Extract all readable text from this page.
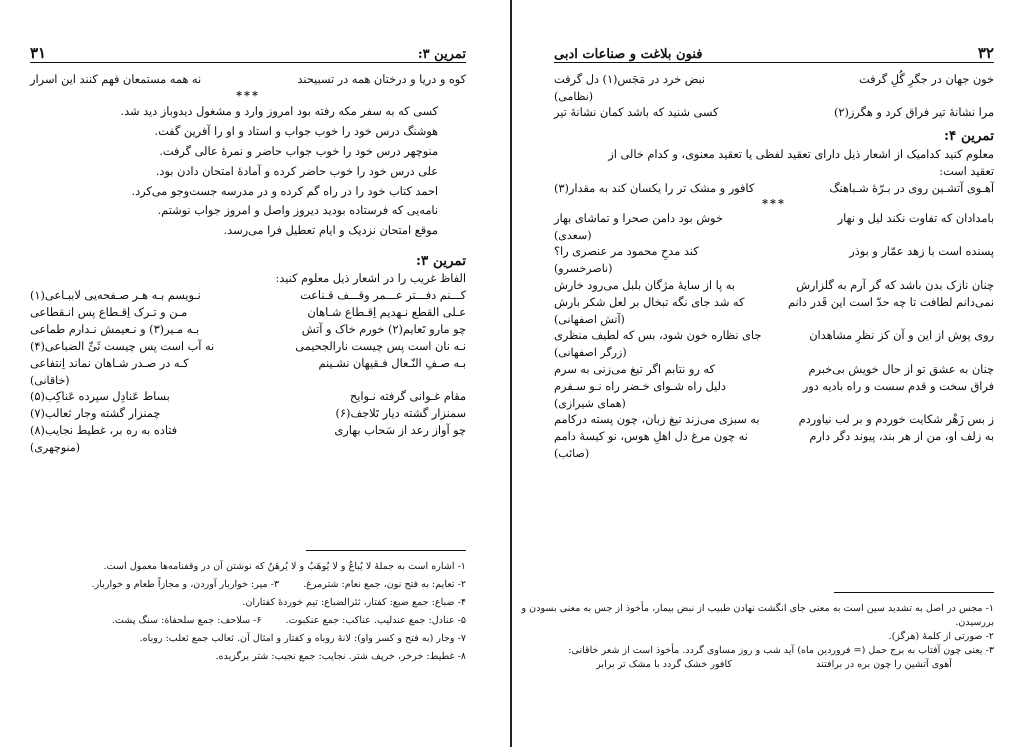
۳۲
فنون بلاغت و صناعات ادبی
خون جهان در جگرِ گُلِ گرفت
نبض خرد در مَجَس(۱) دل گرفت
(نظامی)
مرا نشانهٔ تیر فراق کرد و هگرز(۲)
کسی شنید که باشد کمان نشانهٔ تیر
تمرین ۴:
معلوم کنید کدامیک از اشعار ذیل دارای تعقید لفظی یا تعقید معنوی، و کدام خالی از
تعقید است:
آهـوی آتشـین روی در بـرّهٔ شـباهنگ
کافور و مشک تر را یکسان کند به مقدار(۳)
***
بامدادان که تفاوت نکند لیل و نهار
خوش بود دامن صحرا و تماشای بهار
(سعدی)
پسنده است با زهد عمّار و بوذر
کند مدحِ محمود مر عنصری را؟
(ناصرخسرو)
چنان نازک بدن باشد که گر آرم به گلزارش
به پا از سایهٔ مژگان بلبل می‌رود خارش
نمی‌دانم لطافت تا چه حدّ است این قَدر دانم
که شد جای نگه تبخال بر لعل شکر بارش
(آتش اصفهانی)
روی پوش از این و آن کز نظرِ مشاهدان
جای نظاره خون شود، بس که لطیف منظری
(زرگر اصفهانی)
چنان به عشق تو از حال خویش بی‌خبرم
که رو نتابم اگر تیغ می‌زنی به سرم
فراق سخت و قدم سست و راه بادیه دور
دلیل راه شـوای خـضر راه نـو سـفرم
(همای شیرازی)
ز بس زَهْر شکایت خوردم و بر لب نیاوردم
به سبزی می‌زند تیغ زبان، چون پسته درکامم
به زلف او، من از هر بند، پیوند دگر دارم
نه چون مرغ دل اهلِ هوس، نو کیسهٔ دامم
(صائب)
۱- مجس در اصل به تشدید سین است به معنی جای انگشت نهادن طبیب از نبض بیمار، مأخوذ از جس به معنی بسودن و
بررسیدن.
۲- صورتی از کلمهٔ (هرگز).
۳- یعنی چون آفتاب به برج حمل (= فروردین ماه) آید شب و روز مساوی گردد. مأخوذ است از شعر خاقانی:
آهوی آتشین را چون بره در برافتند
کافور خشک گردد با مشک تر برابر
تمرین ۳:
۳۱
کوه و دریا و درختان همه در تسبیحند
نه همه مستمعان فهم کنند این اسرار
***
کسی که به سفر مکه رفته بود امروز وارد و مشغول دیدوباز دید شد.
هوشنگ درس خود را خوب جواب و استاد و او را آفرین گفت.
منوچهر درس خود را خوب جواب حاضر و نمرهٔ عالی گرفت.
علی درس خود را خوب حاضر کرده و آمادهٔ امتحان دادن بود.
احمد کتاب خود را در راه گم کرده و در مدرسه جست‌وجو می‌کرد.
نامه‌یی که فرستاده بودید دیروز واصل و امروز جواب نوشتم.
موقع امتحان نزدیک و ایام تعطیل فرا می‌رسد.
تمرین ۳:
الفاظ غریب را در اشعار ذیل معلوم کنید:
کـــنم دفـــتر عـــمر وقـــف قـناعت
نـویسم بـه هـر صـفحه‌یی لاببـاعی(۱)
عـلی القطع نـهدیم اِقـطاع شـاهان
مـن و تـرک اِقـطاع پس انـقطاعی
چو مارو تَعایم(۲) خورم خاک و آتش
بـه مـیر(۳) و نـعیمش نـدارم طماعی
نـه نان است پس چیست نارالجحیمی
نه آب است پس چیست ثَئّ الضباعی(۴)
بـه صـفِ النّـعال فـقیهان نشـینم
کـه در صـدر شـاهان نماند اِنتفاعی
(خاقانی)
مقام غـوانی گرفته نـوایح
بساط عَنادِل سپرده عَناکِب(۵)
سمنزار گشته دیار تَلاجف(۶)
چمنزار گشته وجار ثعالب(۷)
چو آواز رعد از سَحاب بهاری
فتاده به ره بر، غطیط نجایب(۸)
(منوچهری)
۱- اشاره است به جملهٔ لا یُباعُ و لا یُوهَبُ و لا یُرهَنُ که نوشتن آن در وقفنامه‌ها معمول است.
۲- تعایم: به فتح نون، جمع نعام: شترمرغ.
۳- میر: خواربار آوردن، و مجازاً طعام و خواربار.
۴- ضباع: جمع ضبع: کفتار، ثئرالضباع: تیم خوردهٔ کفتاران.
۵- عنادل: جمع عندلیب. عناکب: جمع عنکبوت.
۶- سلاحف: جمع سلحفاة: سنگ پشت.
۷- وجار (به فتح و کسر واو): لانهٔ روباه و کفتار و امثال آن. ثعالب جمع ثعلب: روباه.
۸- غطیط: خرخر، خرپف شتر. نجایب: جمع نجیب: شتر برگزیده.
